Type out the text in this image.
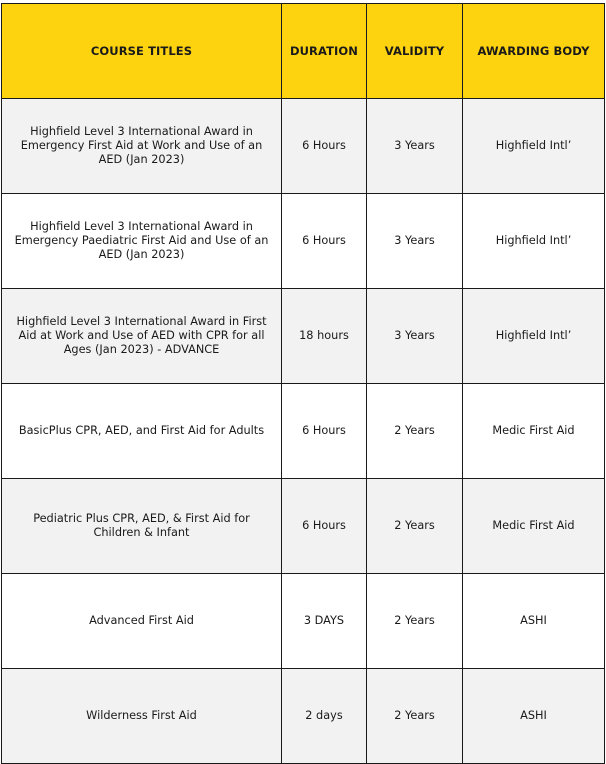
COURSE TITLES	DURATION	VALIDITY	AWARDING BODY
Highfield Level 3 International Award in Emergency First Aid at Work and Use of an AED (Jan 2023)	6 Hours	3 Years	Highfield Intl’
Highfield Level 3 International Award in Emergency Paediatric First Aid and Use of an AED (Jan 2023)	6 Hours	3 Years	Highfield Intl’
Highfield Level 3 International Award in First Aid at Work and Use of AED with CPR for all Ages (Jan 2023) - ADVANCE	18 hours	3 Years	Highfield Intl’
BasicPlus CPR, AED, and First Aid for Adults	6 Hours	2 Years	Medic First Aid
Pediatric Plus CPR, AED, & First Aid for Children & Infant	6 Hours	2 Years	Medic First Aid
Advanced First Aid	3 DAYS	2 Years	ASHI
Wilderness First Aid	2 days	2 Years	ASHI
